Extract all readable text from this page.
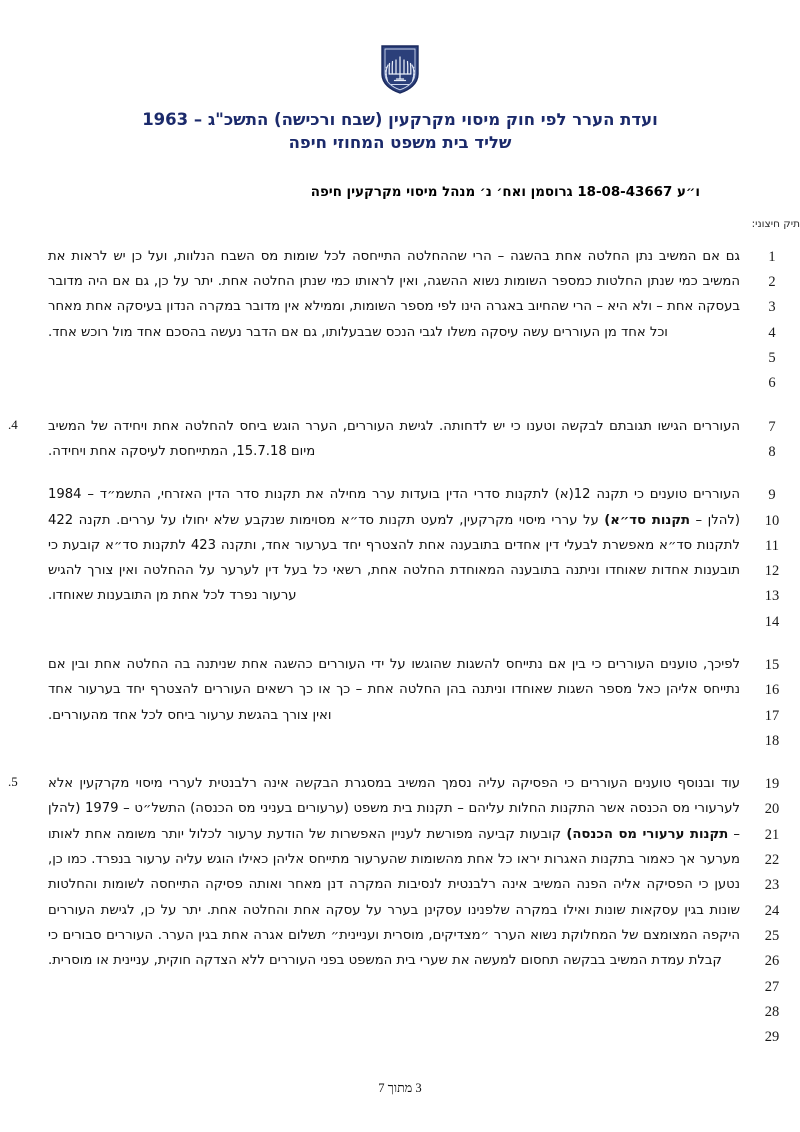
ועדת הערר לפי חוק מיסוי מקרקעין (שבח ורכישה) התשכ"ג – 1963
שליד בית משפט המחוזי חיפה
ו״ע 18-08-43667 גרוסמן ואח׳ נ׳ מנהל מיסוי מקרקעין חיפה
תיק חיצוני:
גם אם המשיב נתן החלטה אחת בהשגה – הרי שההחלטה התייחסה לכל שומות מס השבח הנלוות, ועל כן יש לראות את המשיב כמי שנתן החלטות כמספר השומות נשוא ההשגה, ואין לראותו כמי שנתן החלטה אחת. יתר על כן, גם אם היה מדובר בעסקה אחת – ולא היא – הרי שהחיוב באגרה הינו לפי מספר השומות, וממילא אין מדובר במקרה הנדון בעיסקה אחת מאחר וכל אחד מן העוררים עשה עיסקה משלו לגבי הנכס שבבעלותו, גם אם הדבר נעשה בהסכם אחד מול רוכש אחד.
1
2
3
4
5
6
.4	העוררים הגישו תגובתם לבקשה וטענו כי יש לדחותה. לגישת העוררים, הערר הוגש ביחס להחלטה אחת ויחידה של המשיב מיום 15.7.18, המתייחסת לעיסקה אחת ויחידה.
7
8
העוררים טוענים כי תקנה 12(א) לתקנות סדרי הדין בועדות ערר מחילה את תקנות סדר הדין האזרחי, התשמ״ד – 1984 (להלן – תקנות סד״א) על עררי מיסוי מקרקעין, למעט תקנות סד״א מסוימות שנקבע שלא יחולו על עררים. תקנה 422 לתקנות סד״א מאפשרת לבעלי דין אחדים בתובענה אחת להצטרף יחד בערעור אחד, ותקנה 423 לתקנות סד״א קובעת כי תובענות אחדות שאוחדו וניתנה בתובענה המאוחדת החלטה אחת, רשאי כל בעל דין לערער על ההחלטה ואין צורך להגיש ערעור נפרד לכל אחת מן התובענות שאוחדו.
9
10
11
12
13
14
לפיכך, טוענים העוררים כי בין אם נתייחס להשגות שהוגשו על ידי העוררים כהשגה אחת שניתנה בה החלטה אחת ובין אם נתייחס אליהן כאל מספר השגות שאוחדו וניתנה בהן החלטה אחת – כך או כך רשאים העוררים להצטרף יחד בערעור אחד ואין צורך בהגשת ערעור ביחס לכל אחד מהעוררים.
15
16
17
18
.5	עוד ובנוסף טוענים העוררים כי הפסיקה עליה נסמך המשיב במסגרת הבקשה אינה רלבנטית לעררי מיסוי מקרקעין אלא לערעורי מס הכנסה אשר התקנות החלות עליהם – תקנות בית משפט (ערעורים בעניני מס הכנסה) התשל״ט – 1979 (להלן – תקנות ערעורי מס הכנסה) קובעות קביעה מפורשת לעניין האפשרות של הודעת ערעור לכלול יותר משומה אחת לאותו מערער אך כאמור בתקנות האגרות יראו כל אחת מהשומות שהערעור מתייחס אליהן כאילו הוגש עליה ערעור בנפרד. כמו כן, נטען כי הפסיקה אליה הפנה המשיב אינה רלבנטית לנסיבות המקרה דנן מאחר ואותה פסיקה התייחסה לשומות והחלטות שונות בגין עסקאות שונות ואילו במקרה שלפנינו עסקינן בערר על עסקה אחת והחלטה אחת. יתר על כן, לגישת העוררים היקפה המצומצם של המחלוקת נשוא הערר ״מצדיקים, מוסרית ועניינית״ תשלום אגרה אחת בגין הערר. העוררים סבורים כי קבלת עמדת המשיב בבקשה תחסום למעשה את שערי בית המשפט בפני העוררים ללא הצדקה חוקית, עניינית או מוסרית.
19
20
21
22
23
24
25
26
27
28
29
3 מתוך 7
